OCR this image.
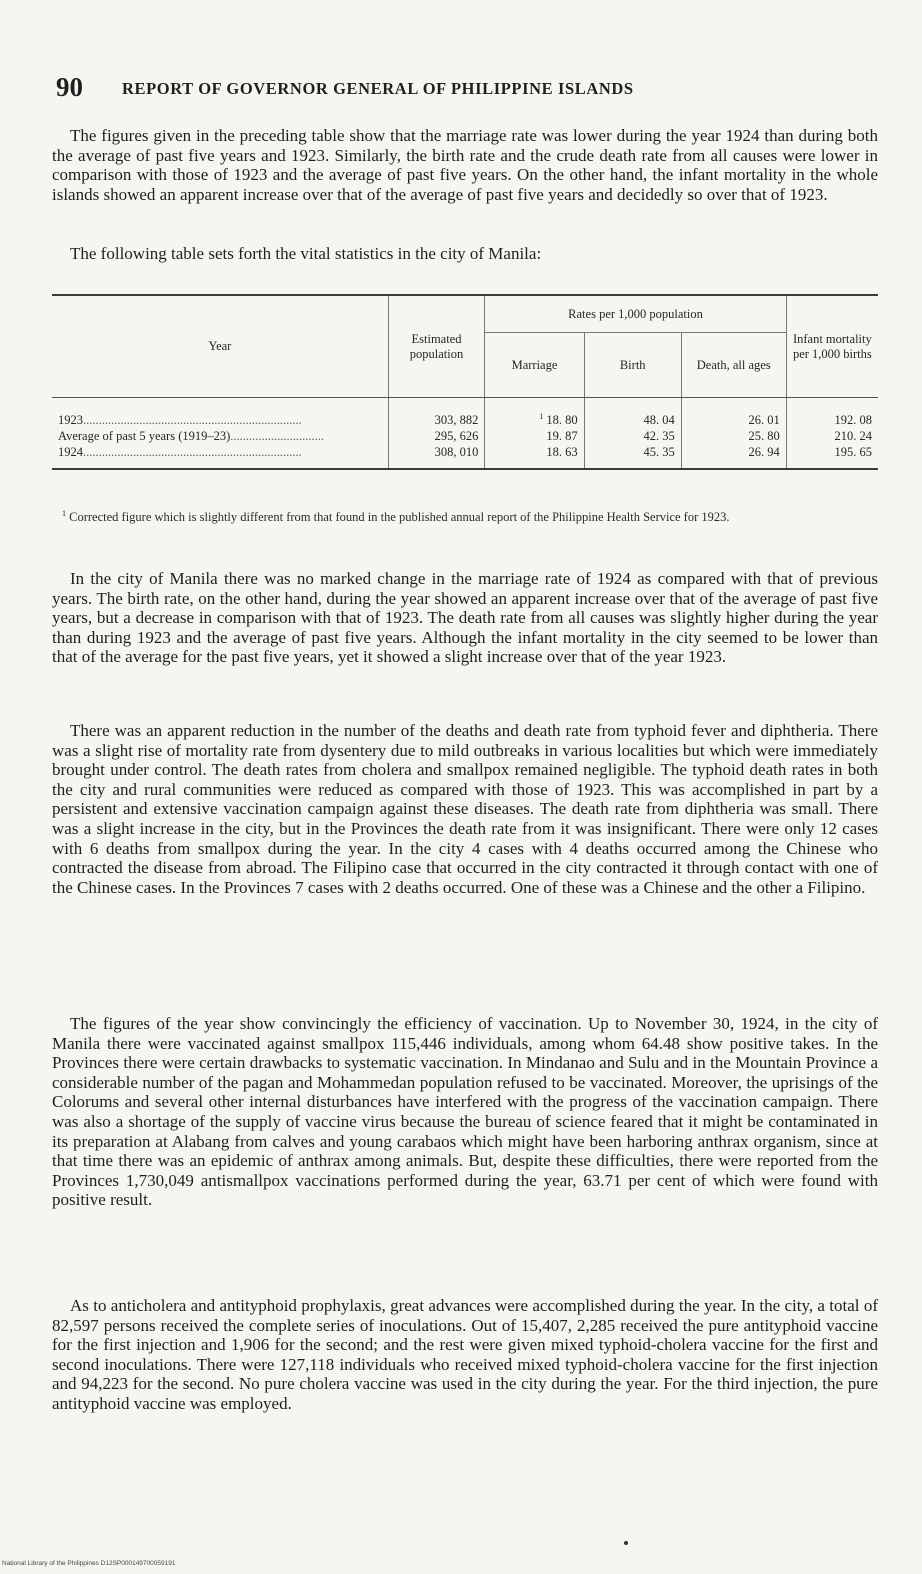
90 REPORT OF GOVERNOR GENERAL OF PHILIPPINE ISLANDS

The figures given in the preceding table show that the marriage rate was lower during the year 1924 than during both the average of past five years and 1923. Similarly, the birth rate and the crude death rate from all causes were lower in comparison with those of 1923 and the average of past five years. On the other hand, the infant mortality in the whole islands showed an apparent increase over that of the average of past five years and decidedly so over that of 1923.

The following table sets forth the vital statistics in the city of Manila:

Year	Estimated population	Rates per 1,000 population			Infant mortality per 1,000 births
		Marriage	Birth	Death, all ages	
1923......................................................................	303, 882	$^1$ 18. 80	48. 04	26. 01	192. 08
Average of past 5 years (1919–23)..............................	295, 626	19. 87	42. 35	25. 80	210. 24
1924......................................................................	308, 010	18. 63	45. 35	26. 94	195. 65

$^1$ Corrected figure which is slightly different from that found in the published annual report of the Philippine Health Service for 1923.

In the city of Manila there was no marked change in the marriage rate of 1924 as compared with that of previous years. The birth rate, on the other hand, during the year showed an apparent increase over that of the average of past five years, but a decrease in comparison with that of 1923. The death rate from all causes was slightly higher during the year than during 1923 and the average of past five years. Although the infant mortality in the city seemed to be lower than that of the average for the past five years, yet it showed a slight increase over that of the year 1923.

There was an apparent reduction in the number of the deaths and death rate from typhoid fever and diphtheria. There was a slight rise of mortality rate from dysentery due to mild outbreaks in various localities but which were immediately brought under control. The death rates from cholera and smallpox remained negligible. The typhoid death rates in both the city and rural communities were reduced as compared with those of 1923. This was accomplished in part by a persistent and extensive vaccination campaign against these diseases. The death rate from diphtheria was small. There was a slight increase in the city, but in the Provinces the death rate from it was insignificant. There were only 12 cases with 6 deaths from smallpox during the year. In the city 4 cases with 4 deaths occurred among the Chinese who contracted the disease from abroad. The Filipino case that occurred in the city contracted it through contact with one of the Chinese cases. In the Provinces 7 cases with 2 deaths occurred. One of these was a Chinese and the other a Filipino.

The figures of the year show convincingly the efficiency of vaccination. Up to November 30, 1924, in the city of Manila there were vaccinated against smallpox 115,446 individuals, among whom 64.48 show positive takes. In the Provinces there were certain drawbacks to systematic vaccination. In Mindanao and Sulu and in the Mountain Province a considerable number of the pagan and Mohammedan population refused to be vaccinated. Moreover, the uprisings of the Colorums and several other internal disturbances have interfered with the progress of the vaccination campaign. There was also a shortage of the supply of vaccine virus because the bureau of science feared that it might be contaminated in its preparation at Alabang from calves and young carabaos which might have been harboring anthrax organism, since at that time there was an epidemic of anthrax among animals. But, despite these difficulties, there were reported from the Provinces 1,730,049 antismallpox vaccinations performed during the year, 63.71 per cent of which were found with positive result.

As to anticholera and antityphoid prophylaxis, great advances were accomplished during the year. In the city, a total of 82,597 persons received the complete series of inoculations. Out of 15,407, 2,285 received the pure antityphoid vaccine for the first injection and 1,906 for the second; and the rest were given mixed typhoid-cholera vaccine for the first and second inoculations. There were 127,118 individuals who received mixed typhoid-cholera vaccine for the first injection and 94,223 for the second. No pure cholera vaccine was used in the city during the year. For the third injection, the pure antityphoid vaccine was employed.

National Library of the Philippines D12SP000149700059191
